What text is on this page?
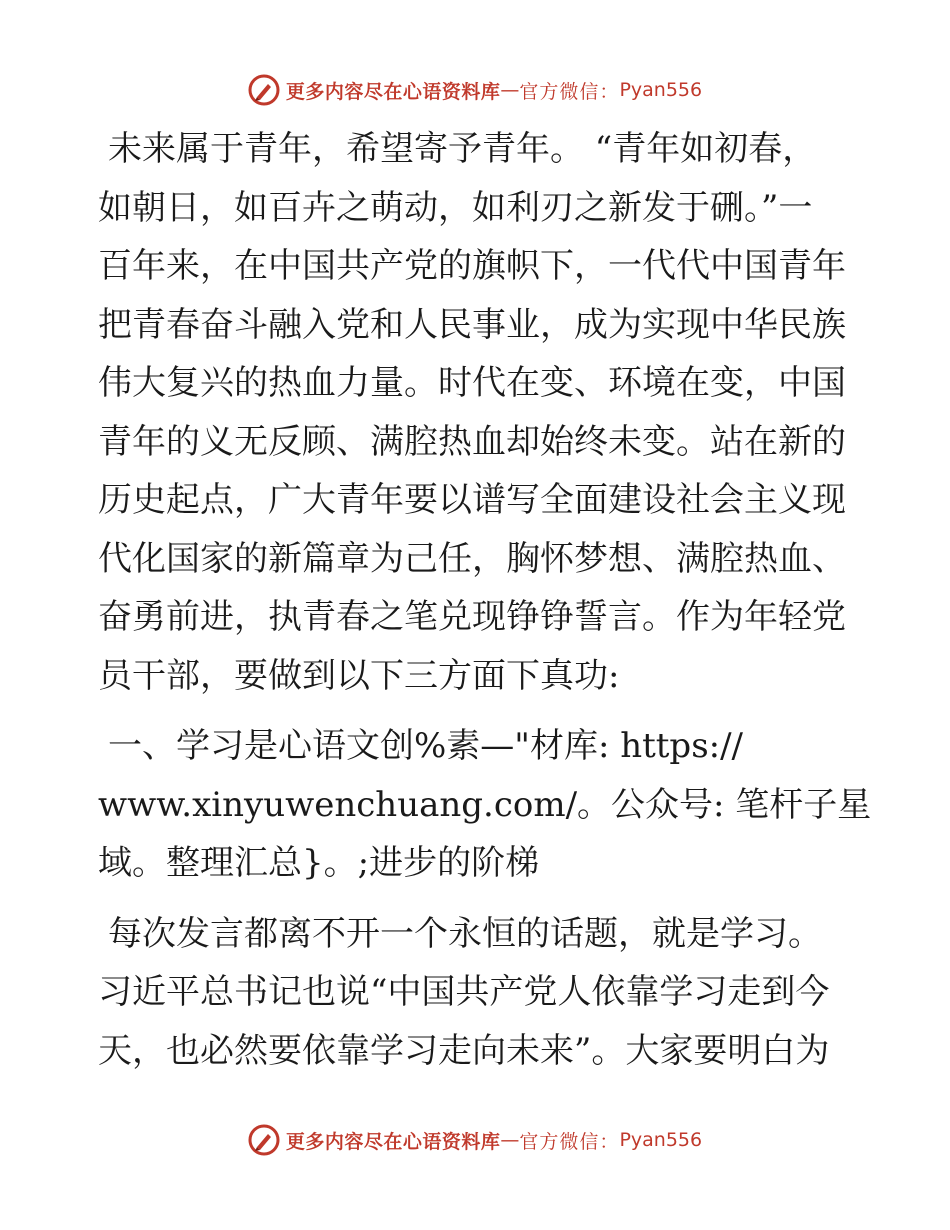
更多内容尽在心语资料库 — 官方微信： Pyan556
未来属于青年，希望寄予青年。 “青年如初春，
如朝日，如百卉之萌动，如利刃之新发于硎。”一
百年来，在中国共产党的旗帜下，一代代中国青年
把青春奋斗融入党和人民事业，成为实现中华民族
伟大复兴的热血力量。时代在变、环境在变，中国
青年的义无反顾、满腔热血却始终未变。站在新的
历史起点，广大青年要以谱写全面建设社会主义现
代化国家的新篇章为己任，胸怀梦想、满腔热血、
奋勇前进，执青春之笔兑现铮铮誓言。作为年轻党
员干部，要做到以下三方面下真功:
一、学习是心语文创%素—"材库: https://
www.xinyuwenchuang.com/。公众号: 笔杆子星
域。整理汇总}。;进步的阶梯
每次发言都离不开一个永恒的话题，就是学习。
习近平总书记也说“中国共产党人依靠学习走到今
天，也必然要依靠学习走向未来”。大家要明白为
更多内容尽在心语资料库 — 官方微信： Pyan556
